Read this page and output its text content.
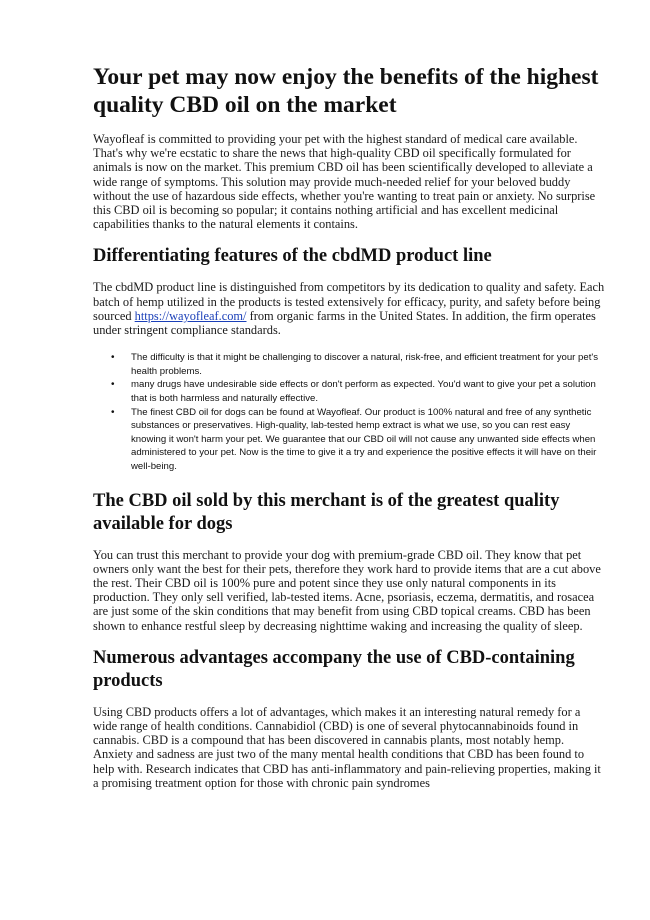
Your pet may now enjoy the benefits of the highest quality CBD oil on the market

Wayofleaf is committed to providing your pet with the highest standard of medical care available. That's why we're ecstatic to share the news that high-quality CBD oil specifically formulated for animals is now on the market. This premium CBD oil has been scientifically developed to alleviate a wide range of symptoms. This solution may provide much-needed relief for your beloved buddy without the use of hazardous side effects, whether you're wanting to treat pain or anxiety. No surprise this CBD oil is becoming so popular; it contains nothing artificial and has excellent medicinal capabilities thanks to the natural elements it contains.

Differentiating features of the cbdMD product line

The cbdMD product line is distinguished from competitors by its dedication to quality and safety. Each batch of hemp utilized in the products is tested extensively for efficacy, purity, and safety before being sourced https://wayofleaf.com/ from organic farms in the United States. In addition, the firm operates under stringent compliance standards.

• The difficulty is that it might be challenging to discover a natural, risk-free, and efficient treatment for your pet's health problems.
• many drugs have undesirable side effects or don't perform as expected. You'd want to give your pet a solution that is both harmless and naturally effective.
• The finest CBD oil for dogs can be found at Wayofleaf. Our product is 100% natural and free of any synthetic substances or preservatives. High-quality, lab-tested hemp extract is what we use, so you can rest easy knowing it won't harm your pet. We guarantee that our CBD oil will not cause any unwanted side effects when administered to your pet. Now is the time to give it a try and experience the positive effects it will have on their well-being.
The CBD oil sold by this merchant is of the greatest quality available for dogs

You can trust this merchant to provide your dog with premium-grade CBD oil. They know that pet owners only want the best for their pets, therefore they work hard to provide items that are a cut above the rest. Their CBD oil is 100% pure and potent since they use only natural components in its production. They only sell verified, lab-tested items. Acne, psoriasis, eczema, dermatitis, and rosacea are just some of the skin conditions that may benefit from using CBD topical creams. CBD has been shown to enhance restful sleep by decreasing nighttime waking and increasing the quality of sleep.

Numerous advantages accompany the use of CBD-containing products

Using CBD products offers a lot of advantages, which makes it an interesting natural remedy for a wide range of health conditions. Cannabidiol (CBD) is one of several phytocannabinoids found in cannabis. CBD is a compound that has been discovered in cannabis plants, most notably hemp. Anxiety and sadness are just two of the many mental health conditions that CBD has been found to help with. Research indicates that CBD has anti-inflammatory and pain-relieving properties, making it a promising treatment option for those with chronic pain syndromes
